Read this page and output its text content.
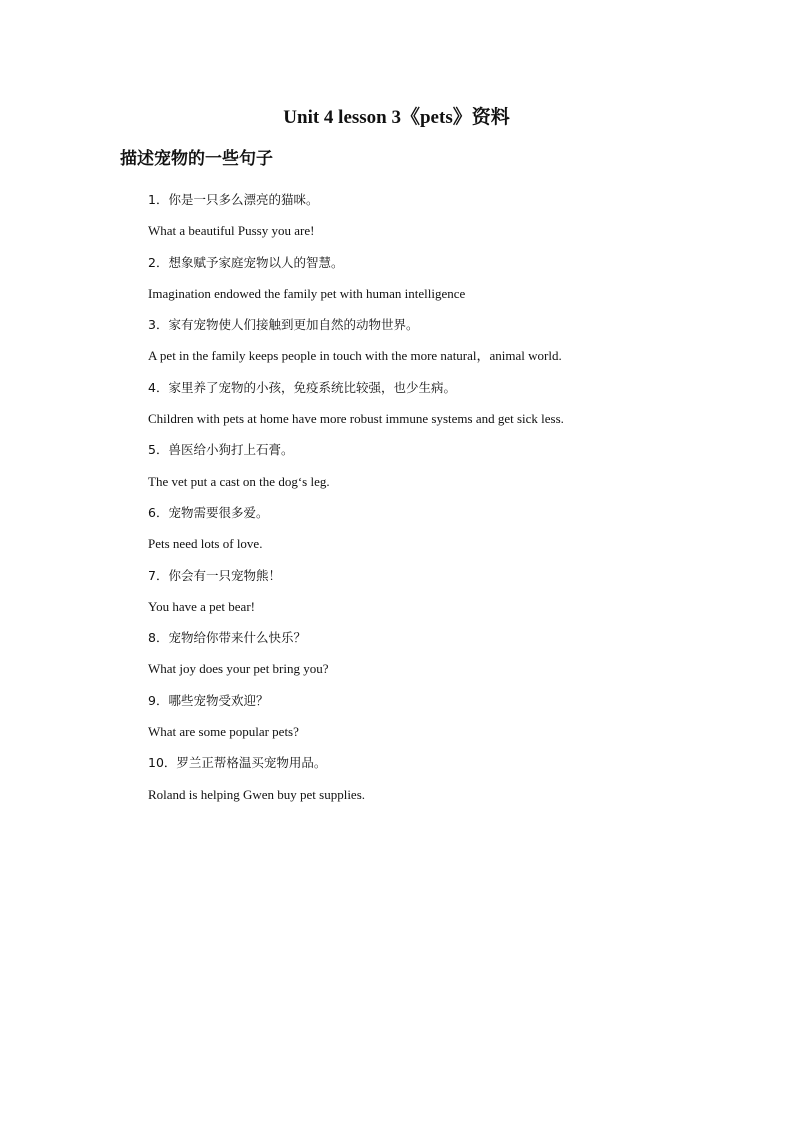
Unit 4 lesson 3《pets》资料
描述宠物的一些句子
1．你是一只多么漂亮的猫咪。
What a beautiful Pussy you are!
2．想象赋予家庭宠物以人的智慧。
Imagination endowed the family pet with human intelligence
3．家有宠物使人们接触到更加自然的动物世界。
A pet in the family keeps people in touch with the more natural，animal world.
4．家里养了宠物的小孩，免疫系统比较强，也少生病。
Children with pets at home have more robust immune systems and get sick less.
5．兽医给小狗打上石膏。
The vet put a cast on the dog‘s leg.
6．宠物需要很多爱。
Pets need lots of love.
7．你会有一只宠物熊！
You have a pet bear!
8．宠物给你带来什么快乐？
What joy does your pet bring you?
9．哪些宠物受欢迎？
What are some popular pets?
10．罗兰正帮格温买宠物用品。
Roland is helping Gwen buy pet supplies.
